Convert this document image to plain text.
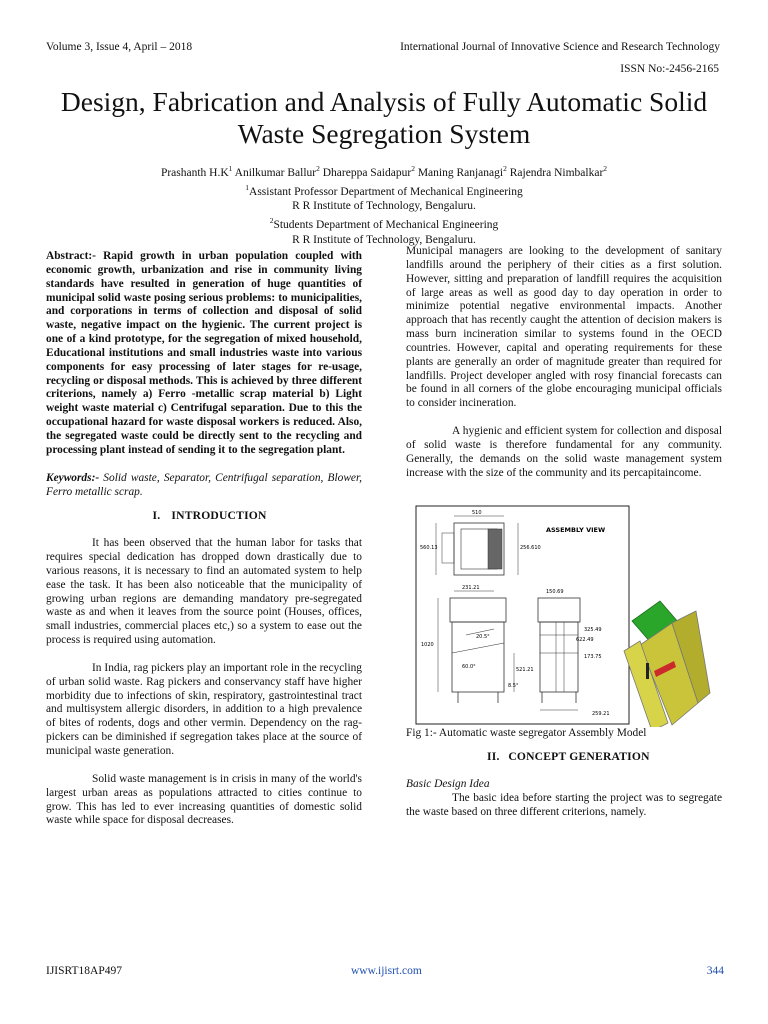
Volume 3, Issue 4, April – 2018	International Journal of Innovative Science and Research Technology
ISSN No:-2456-2165
Design, Fabrication and Analysis of Fully Automatic Solid Waste Segregation System
Prashanth $H.K^1$ Anilkumar Ballur$^2$ Dhareppa Saidapur$^2$ Maning Ranjanagi$^2$ Rajendra Nimbalkar$^2$
$^1$Assistant Professor Department of Mechanical Engineering
R R Institute of Technology, Bengaluru.
$^2$Students Department of Mechanical Engineering
R R Institute of Technology, Bengaluru.

Abstract:- Rapid growth in urban population coupled with economic growth, urbanization and rise in community living standards have resulted in generation of huge quantities of municipal solid waste posing serious problems: to municipalities, and corporations in terms of collection and disposal of solid waste, negative impact on the hygienic. The current project is one of a kind prototype, for the segregation of mixed household, Educational institutions and small industries waste into various components for easy processing of later stages for re-usage, recycling or disposal methods. This is achieved by three different criterions, namely a) Ferro -metallic scrap material b) Light weight waste material c) Centrifugal separation. Due to this the occupational hazard for waste disposal workers is reduced. Also, the segregated waste could be directly sent to the recycling and processing plant instead of sending it to the segregation plant.

Keywords:- Solid waste, Separator, Centrifugal separation, Blower, Ferro metallic scrap.

I. INTRODUCTION

It has been observed that the human labor for tasks that requires special dedication has dropped down drastically due to various reasons, it is necessary to find an automated system to help ease the task. It has been also noticeable that the municipality of growing urban regions are demanding mandatory pre-segregated waste as and when it leaves from the source point (Houses, offices, small industries, commercial places etc,) so a system to ease out the process is required using automation.

In India, rag pickers play an important role in the recycling of urban solid waste. Rag pickers and conservancy staff have higher morbidity due to infections of skin, respiratory, gastrointestinal tract and multisystem allergic disorders, in addition to a high prevalence of bites of rodents, dogs and other vermin. Dependency on the rag-pickers can be diminished if segregation takes place at the source of municipal waste generation.

Solid waste management is in crisis in many of the world's largest urban areas as populations attracted to cities continue to grow. This has led to ever increasing quantities of domestic solid waste while space for disposal decreases.

Municipal managers are looking to the development of sanitary landfills around the periphery of their cities as a first solution. However, sitting and preparation of landfill requires the acquisition of large areas as well as good day to day operation in order to minimize potential negative environmental impacts. Another approach that has recently caught the attention of decision makers is mass burn incineration similar to systems found in the OECD countries. However, capital and operating requirements for these plants are generally an order of magnitude greater than required for landfills. Project developer angled with rosy financial forecasts can be found in all corners of the globe encouraging municipal officials to consider incineration.

A hygienic and efficient system for collection and disposal of solid waste is therefore fundamental for any community. Generally, the demands on the solid waste management system increase with the size of the community and its percapitaincome.

ASSEMBLY VIEW
510
560.13	256.610
231.21
20.5°
60.0°
1020
521.21
8.5°
150.69
325.49
622.49
173.75
259.21

Fig 1:- Automatic waste segregator Assembly Model

II. CONCEPT GENERATION

Basic Design Idea

The basic idea before starting the project was to segregate the waste based on three different criterions, namely.

IJISRT18AP497	www.ijisrt.com	344
